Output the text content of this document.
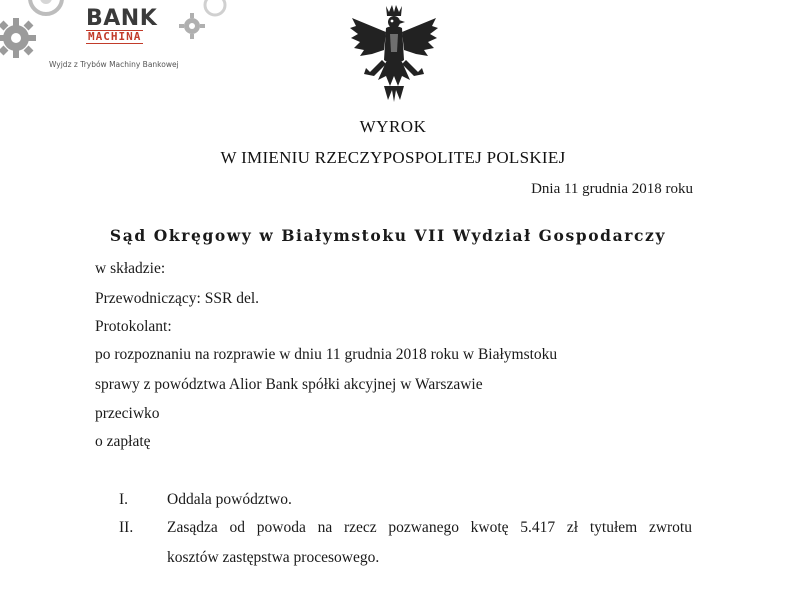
BANK
MACHINA
Wyjdz z Trybów Machiny Bankowej
WYROK
W IMIENIU RZECZYPOSPOLITEJ POLSKIEJ
Dnia 11 grudnia 2018 roku
Sąd Okręgowy w Białymstoku VII Wydział Gospodarczy
w składzie:
Przewodniczący: SSR del.
Protokolant:
po rozpoznaniu na rozprawie w dniu 11 grudnia 2018 roku w Białymstoku
sprawy z powództwa Alior Bank spółki akcyjnej w Warszawie
przeciwko
o zapłatę
I.	Oddala powództwo.
II. Zasądza od powoda na rzecz pozwanego kwotę 5.417 zł tytułem zwrotu
kosztów zastępstwa procesowego.
